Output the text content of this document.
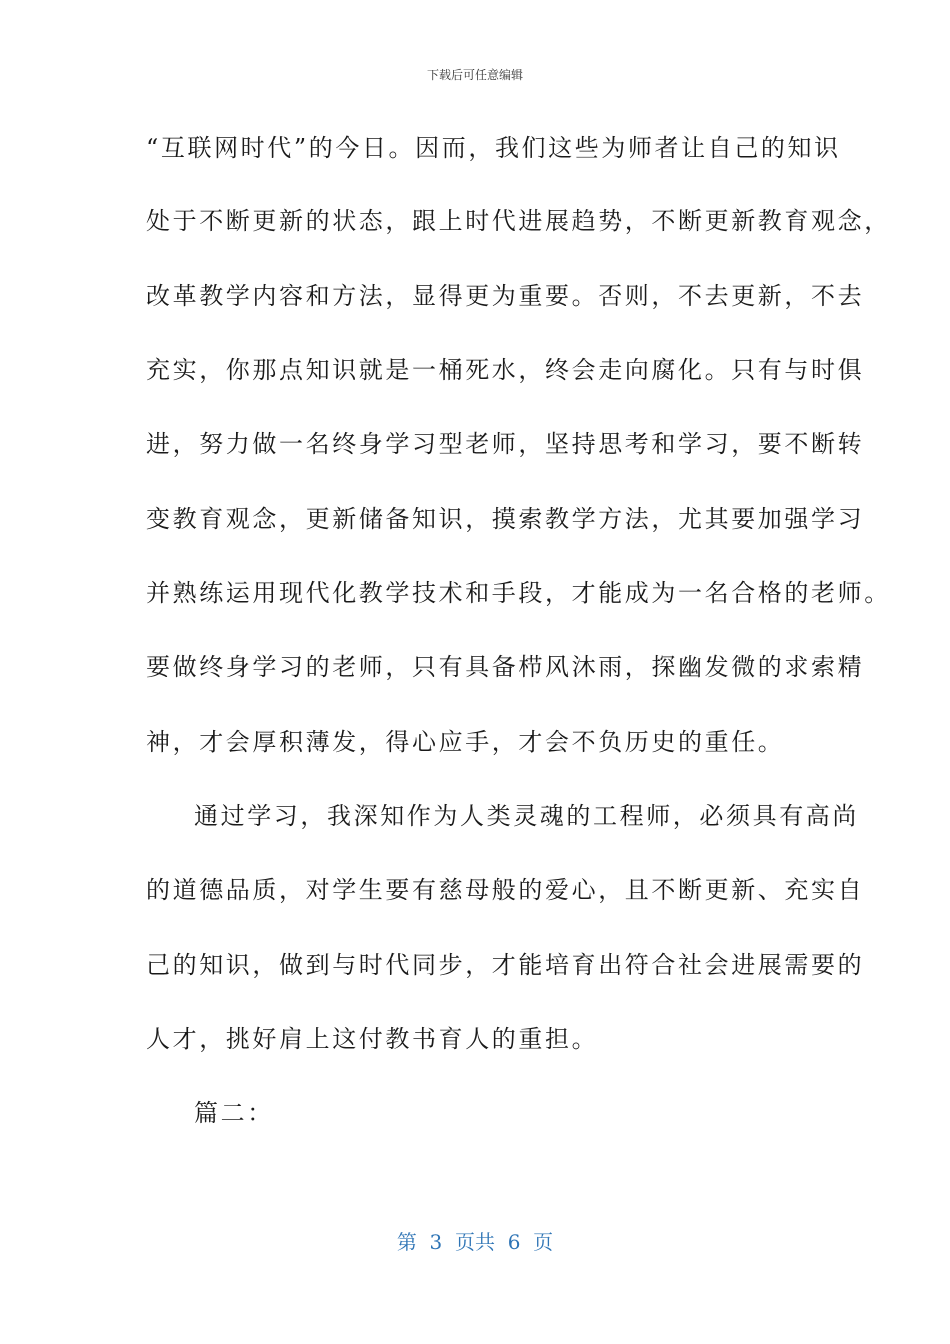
下载后可任意编辑
“互联网时代”的今日。因而，我们这些为师者让自己的知识
处于不断更新的状态，跟上时代进展趋势，不断更新教育观念，
改革教学内容和方法，显得更为重要。否则，不去更新，不去
充实，你那点知识就是一桶死水，终会走向腐化。只有与时俱
进，努力做一名终身学习型老师，坚持思考和学习，要不断转
变教育观念，更新储备知识，摸索教学方法，尤其要加强学习
并熟练运用现代化教学技术和手段，才能成为一名合格的老师。
要做终身学习的老师，只有具备栉风沐雨，探幽发微的求索精
神，才会厚积薄发，得心应手，才会不负历史的重任。
通过学习，我深知作为人类灵魂的工程师，必须具有高尚
的道德品质，对学生要有慈母般的爱心，且不断更新、充实自
己的知识，做到与时代同步，才能培育出符合社会进展需要的
人才，挑好肩上这付教书育人的重担。
篇二：
第  3  页共  6  页
